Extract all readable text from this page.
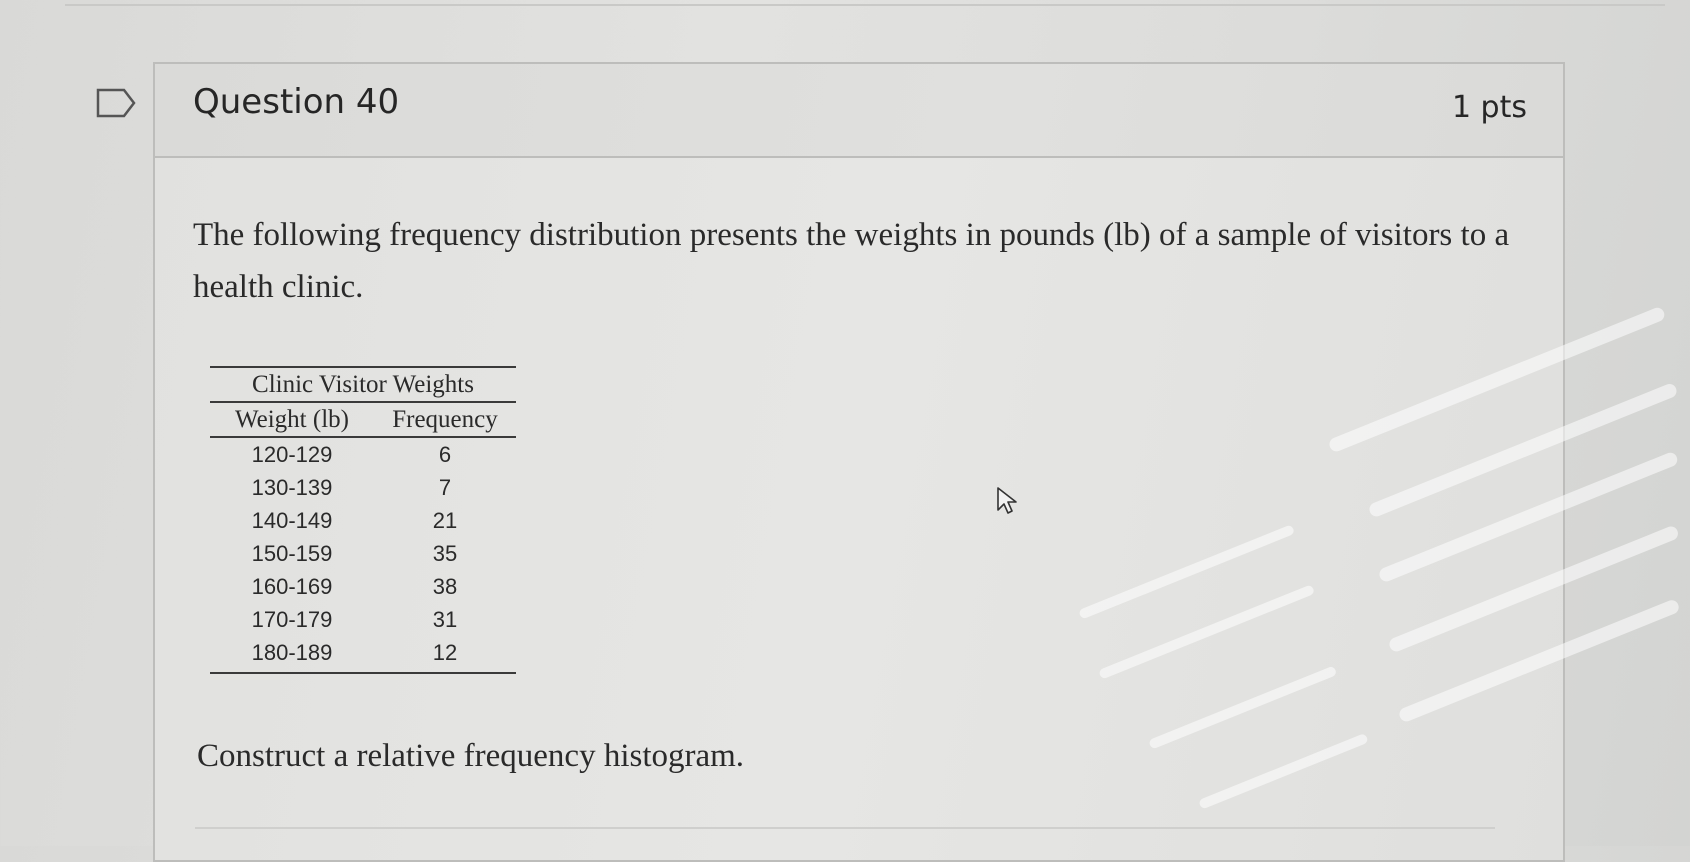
Question 40	1 pts
The following frequency distribution presents the weights in pounds (lb) of a sample of visitors to a health clinic.
Clinic Visitor Weights
Weight (lb)	Frequency
120-129	6
130-139	7
140-149	21
150-159	35
160-169	38
170-179	31
180-189	12
Construct a relative frequency histogram.
